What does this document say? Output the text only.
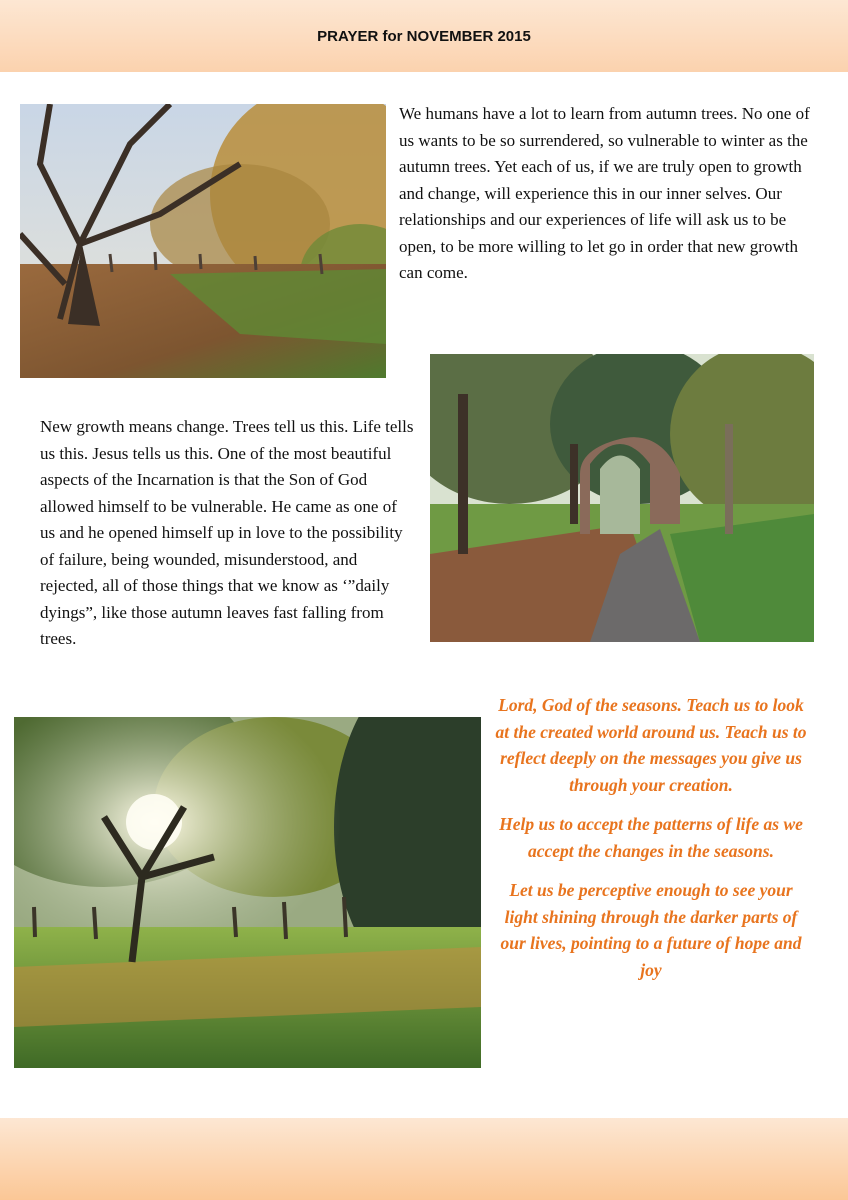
PRAYER for NOVEMBER 2015

We humans have a lot to learn from autumn trees. No one of us wants to be so surrendered, so vulnerable to winter as the autumn trees. Yet each of us, if we are truly open to growth and change, will experience this in our inner selves. Our relationships and our experiences of life will ask us to be open, to be more willing to let go in order that new growth can come.

New growth means change. Trees tell us this. Life tells us this. Jesus tells us this. One of the most beautiful aspects of the Incarnation is that the Son of God allowed himself to be vulnerable. He came as one of us and he opened himself up in love to the possibility of failure, being wounded, misunderstood, and rejected, all of those things that we know as ‘”daily dyings”, like those autumn leaves fast falling from trees.

Lord, God of the seasons. Teach us to look at the created world around us. Teach us to reflect deeply on the messages you give us through your creation.

Help us to accept the patterns of life as we accept the changes in the seasons.

Let us be perceptive enough to see your light shining through the darker parts of our lives, pointing to a future of hope and joy
